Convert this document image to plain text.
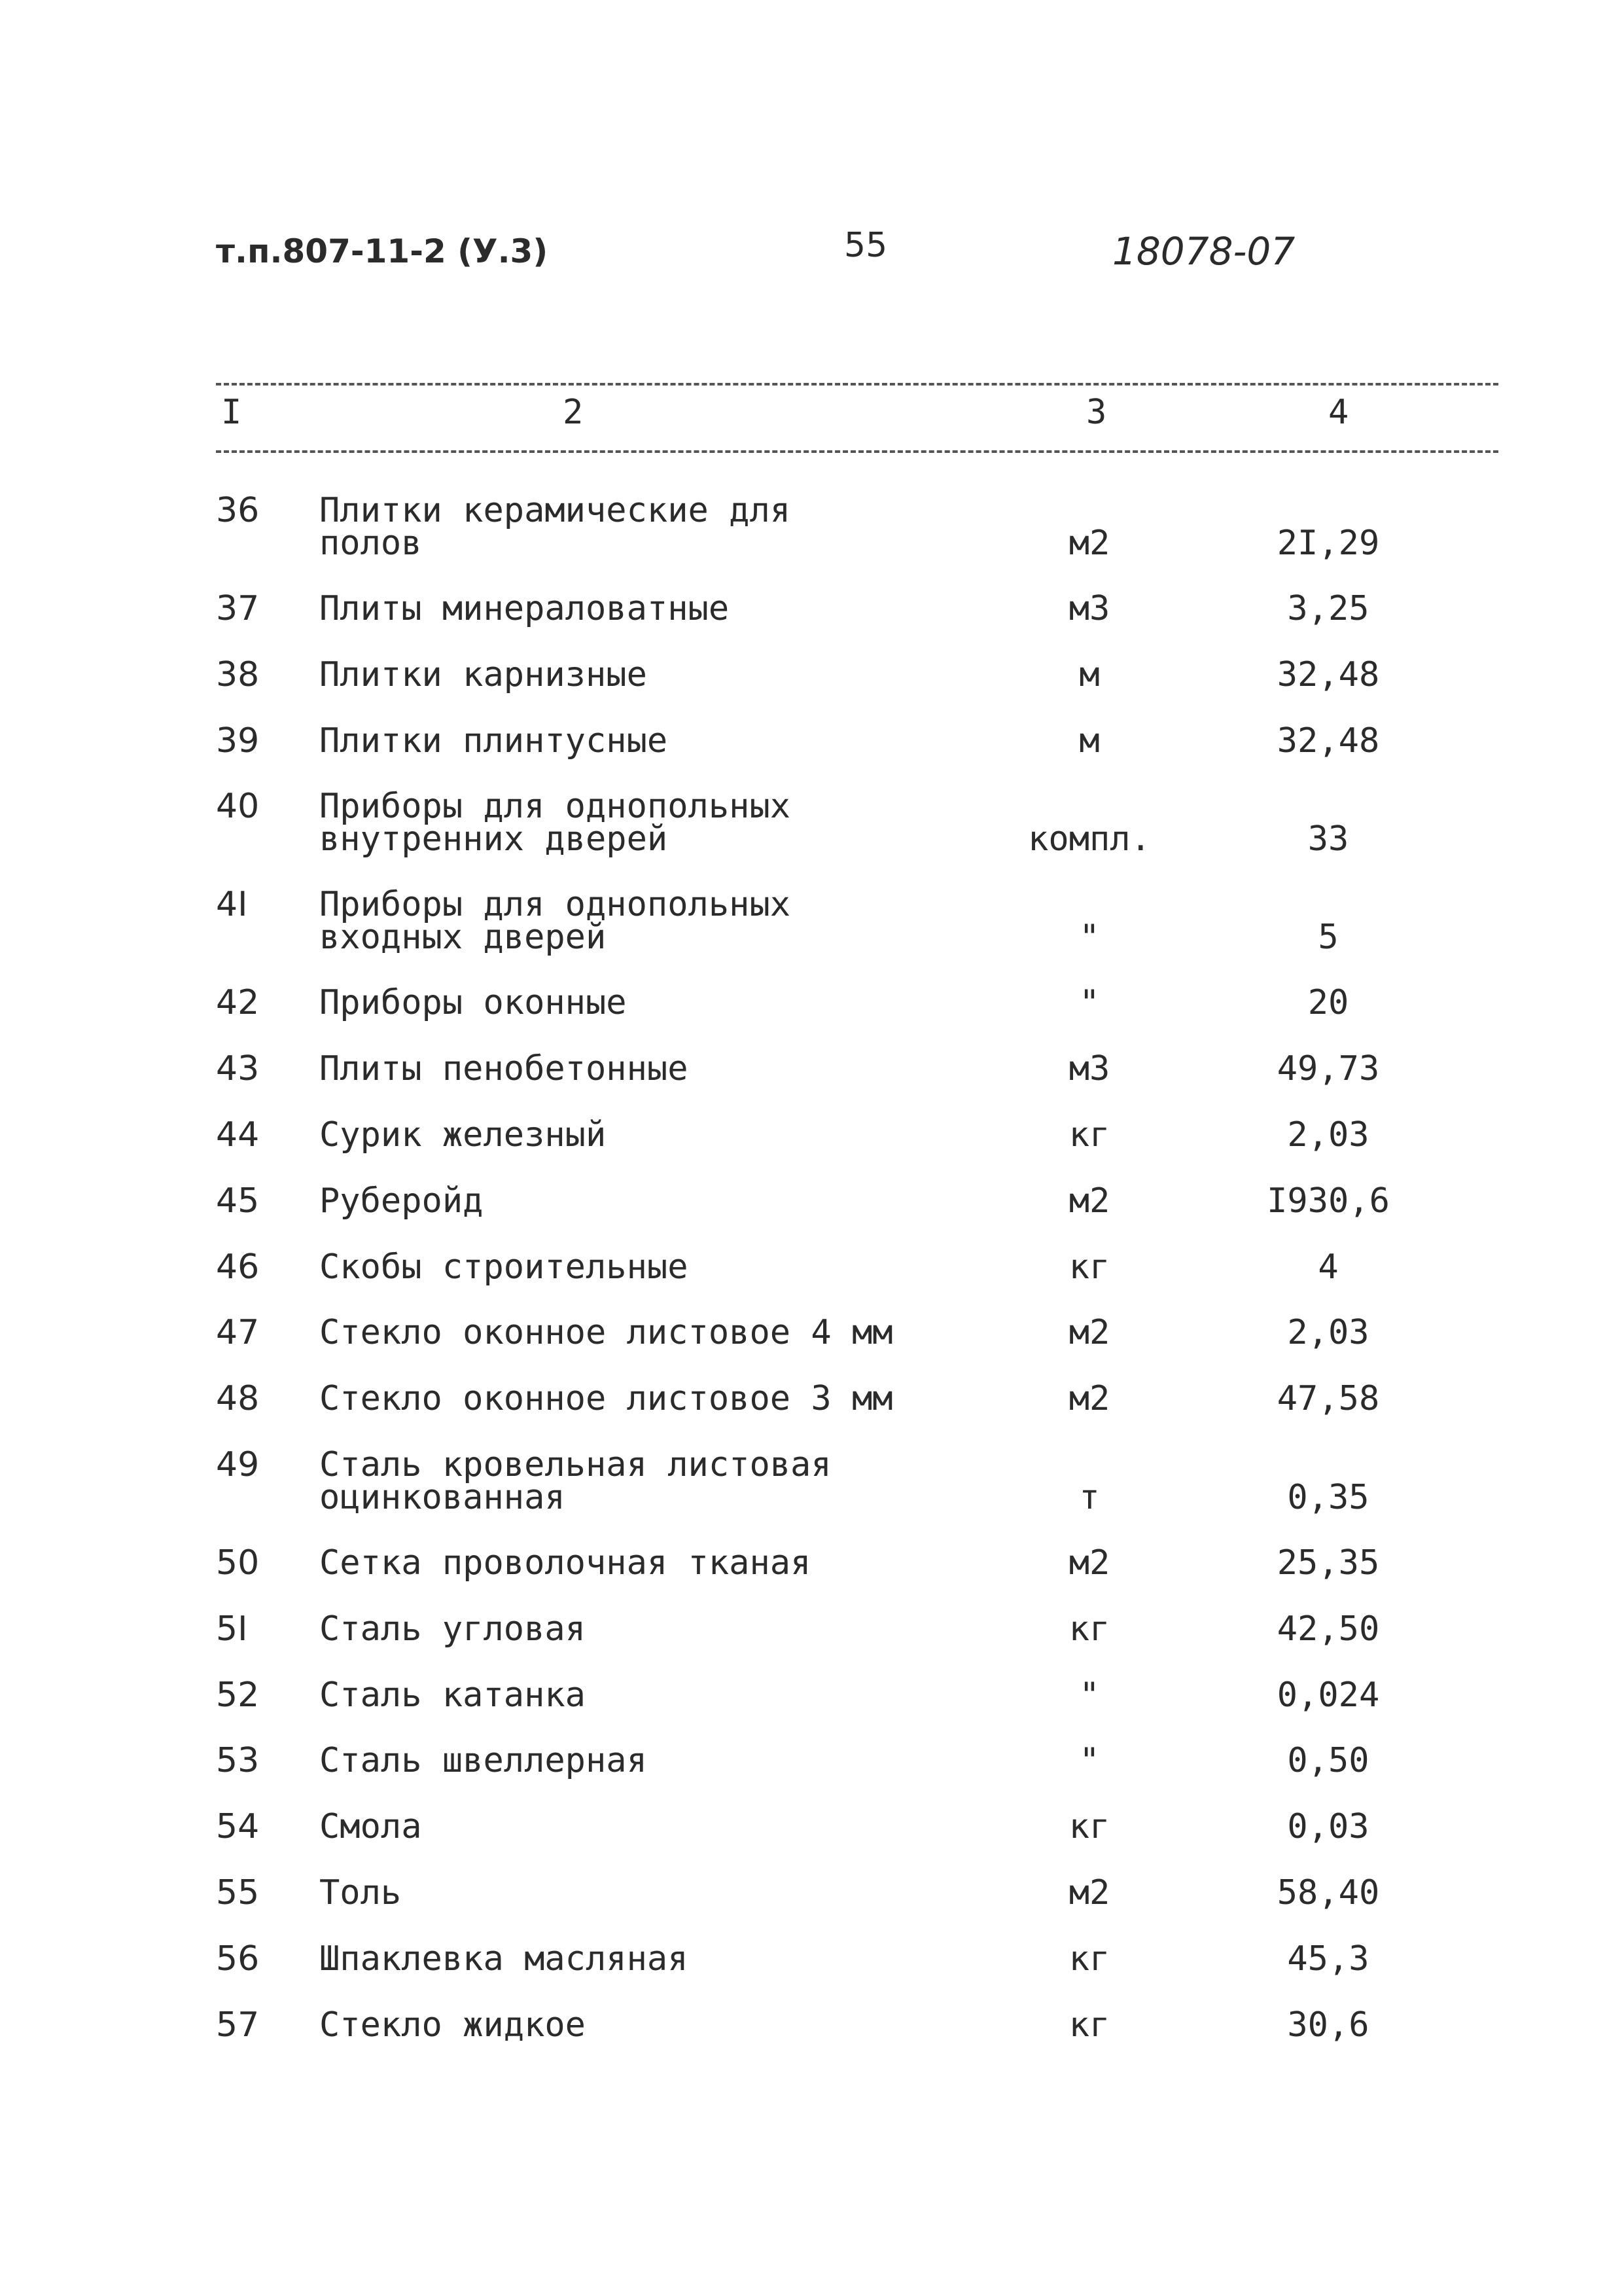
т.п.807-11-2 (У.3)	55	18078-07
I	2	3	4
36 Плитки керамические для
полов	м2	2I,29
37 Плиты минераловатные	м3	3,25
38 Плитки карнизные	м	32,48
39 Плитки плинтусные	м	32,48
40 Приборы для однопольных
внутренних дверей	компл.	33
4I Приборы для однопольных
входных дверей	"	5
42 Приборы оконные	"	20
43 Плиты пенобетонные	м3	49,73
44 Сурик железный	кг	2,03
45 Руберойд	м2	I930,6
46 Скобы строительные	кг	4
47 Стекло оконное листовое 4 мм	м2	2,03
48 Стекло оконное листовое 3 мм	м2	47,58
49 Сталь кровельная листовая
оцинкованная	т	0,35
50 Сетка проволочная тканая	м2	25,35
5I Сталь угловая	кг	42,50
52 Сталь катанка	"	0,024
53 Сталь швеллерная	"	0,50
54 Смола	кг	0,03
55 Толь	м2	58,40
56 Шпаклевка масляная	кг	45,3
57 Стекло жидкое	кг	30,6
